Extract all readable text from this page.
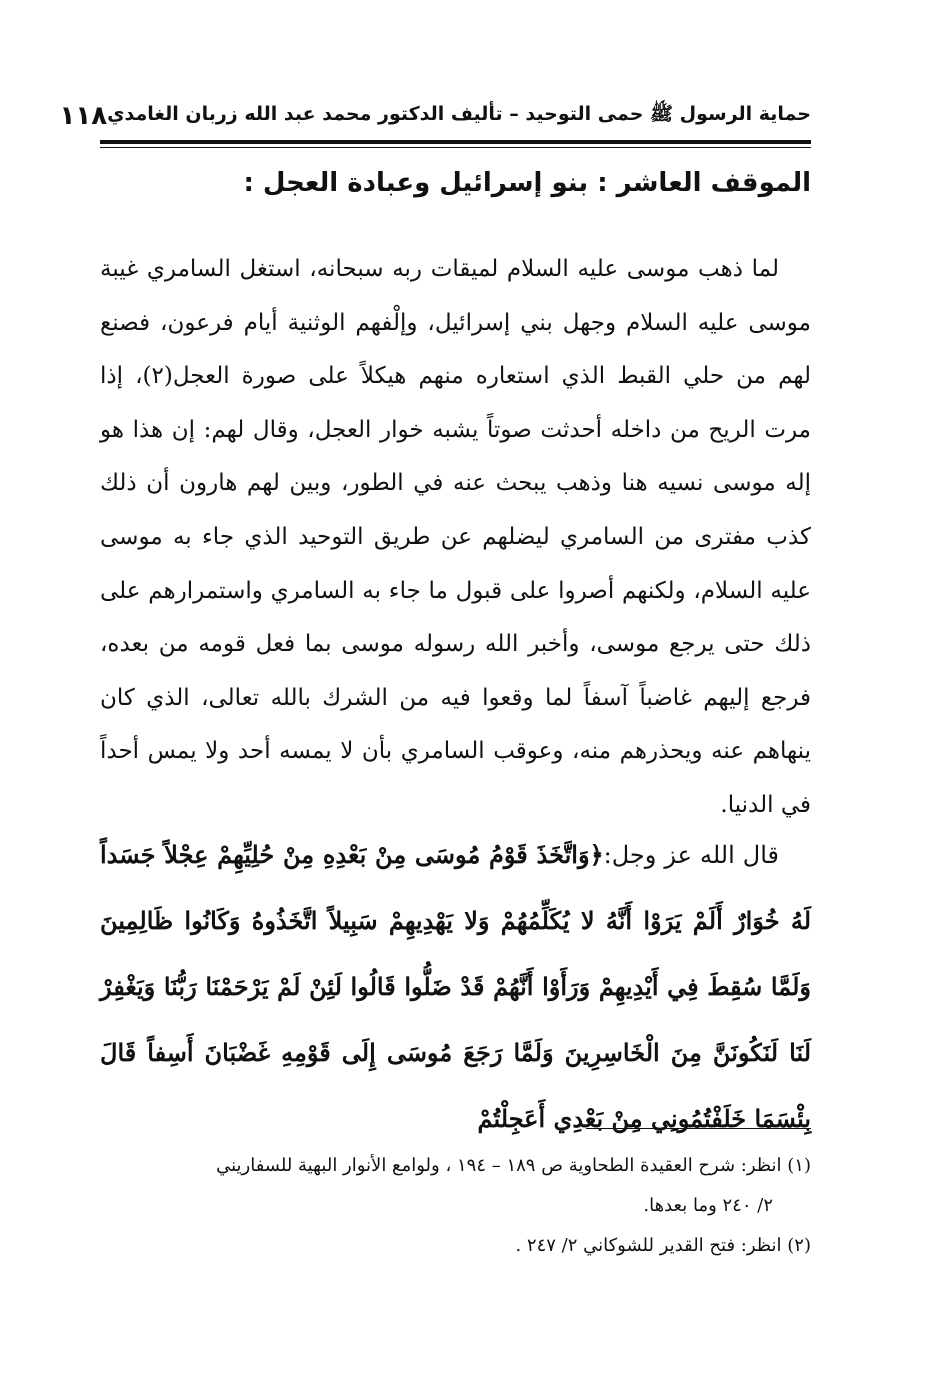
حماية الرسول ﷺ حمى التوحيد – تأليف الدكتور محمد عبد الله زربان الغامدي
١١٨
الموقف العاشر : بنو إسرائيل وعبادة العجل :

لما ذهب موسى عليه السلام لميقات ربه سبحانه، استغل السامري غيبة موسى عليه السلام وجهل بني إسرائيل، وإلْفهم الوثنية أيام فرعون، فصنع لهم من حلي القبط الذي استعاره منهم هيكلاً على صورة العجل(٢)، إذا مرت الريح من داخله أحدثت صوتاً يشبه خوار العجل، وقال لهم: إن هذا هو إله موسى نسيه هنا وذهب يبحث عنه في الطور، وبين لهم هارون أن ذلك كذب مفترى من السامري ليضلهم عن طريق التوحيد الذي جاء به موسى عليه السلام، ولكنهم أصروا على قبول ما جاء به السامري واستمرارهم على ذلك حتى يرجع موسى، وأخبر الله رسوله موسى بما فعل قومه من بعده، فرجع إليهم غاضباً آسفاً لما وقعوا فيه من الشرك بالله تعالى، الذي كان ينهاهم عنه ويحذرهم منه، وعوقب السامري بأن لا يمسه أحد ولا يمس أحداً في الدنيا.

قال الله عز وجل:﴿وَاتَّخَذَ قَوْمُ مُوسَى مِنْ بَعْدِهِ مِنْ حُلِيِّهِمْ عِجْلاً جَسَداً لَهُ خُوَارٌ أَلَمْ يَرَوْا أَنَّهُ لا يُكَلِّمُهُمْ وَلا يَهْدِيهِمْ سَبِيلاً اتَّخَذُوهُ وَكَانُوا ظَالِمِينَ وَلَمَّا سُقِطَ فِي أَيْدِيهِمْ وَرَأَوْا أَنَّهُمْ قَدْ ضَلُّوا قَالُوا لَئِنْ لَمْ يَرْحَمْنَا رَبُّنَا وَيَغْفِرْ لَنَا لَنَكُونَنَّ مِنَ الْخَاسِرِينَ وَلَمَّا رَجَعَ مُوسَى إِلَى قَوْمِهِ غَضْبَانَ أَسِفاً قَالَ بِئْسَمَا خَلَفْتُمُونِي مِنْ بَعْدِي أَعَجِلْتُمْ

(١) انظر: شرح العقيدة الطحاوية ص ١٨٩ – ١٩٤ ، ولوامع الأنوار البهية للسفاريني

٢/ ٢٤٠ وما بعدها.

(٢) انظر: فتح القدير للشوكاني ٢/ ٢٤٧ .
